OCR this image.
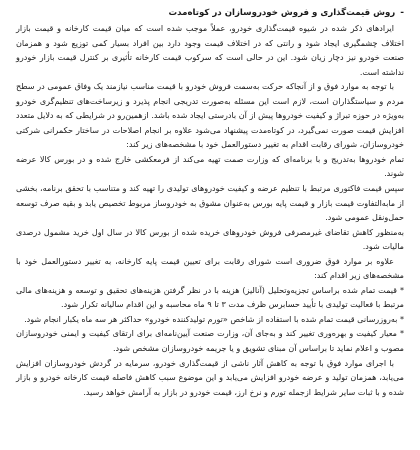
-
روش قیمت‌گذاری و فروش خودروسازان در کوتاه‌مدت

ایرادهای ذکر شده در شیوه قیمت‌گذاری خودرو، عملاً موجب شده است که میان قیمت کارخانه و قیمت بازار اختلاف چشمگیری ایجاد شود و رانتی که در اختلاف قیمت وجود دارد بین افراد بسیار کمی توزیع شود و همزمان صنعت خودرو نیز دچار زیان شود. این در حالی است که سرکوب قیمت کارخانه تأثیری بر کنترل قیمت بازار خودرو نداشته است.

با توجه به موارد فوق و از آنجاکه حرکت به‌سمت فروش خودرو با قیمت مناسب نیازمند یک وفاق عمومی در سطح مردم و سیاستگذاران است، لازم است این مسئله به‌صورت تدریجی انجام پذیرد و زیرساخت‌های تنظیم‌گری خودرو به‌ویژه در حوزه تبراژ و کیفیت خودروها پیش از آن بادرستی ایجاد شده باشد. ازهمین‌رو در شرایطی که به دلایل متعدد افزایش قیمت صورت نمی‌گیرد، در کوتاه‌مدت پیشنهاد می‌شود علاوه بر انجام اصلاحات در ساختار حکمرانی شرکتی خودروسازان، شورای رقابت اقدام به تغییر دستورالعمل خود با مشخصه‌های زیر کند:

تمام خودروها به‌تدریج و با برنامه‌ای که وزارت صمت تهیه می‌کند از فرمعکشی خارج شده و در بورس کالا عرضه شوند.

سپس قیمت فاکتوری مرتبط با تنظیم عرضه و کیفیت خودروهای تولیدی را تهیه کند و متناسب با تحقق برنامه، بخشی از مابه‌التفاوت قیمت بازار و قیمت پایه بورس به‌عنوان مشوق به خودروساز مربوط تخصیص یابد و بقیه صرف توسعه حمل‌ونقل عمومی شود.

به‌منظور کاهش تقاضای غیرمصرفی فروش خودروهای خریده شده از بورس کالا در سال اول خرید مشمول درصدی مالیات شود.

علاوه بر موارد فوق ضروری است شورای رقابت برای تعیین قیمت پایه کارخانه، به تغییر دستورالعمل خود با مشخصه‌های زیر اقدام کند:

* قیمت تمام شده براساس تجزیه‌وتحلیل (آنالیز) هزینه با در نظر گرفتن هزینه‌های تحقیق و توسعه و هزینه‌های مالی مرتبط با فعالیت تولیدی با تأیید حسابرس ظرف مدت ۳ تا ۹ ماه محاسبه و این اقدام سالیانه تکرار شود.

* به‌روزرسانی قیمت تمام شده با استفاده از شاخص «تورم تولیدکننده خودرو» حداکثر هر سه ماه یکبار انجام شود.

* معیار کیفیت و بهره‌وری تغییر کند و به‌جای آن، وزارت صنعت آیین‌نامه‌ای برای ارتقای کیفیت و ایمنی خودروسازان مصوب و اعلام نماید تا براساس آن مبنای تشویق و یا جریمه خودروسازان مشخص شود.

با اجرای موارد فوق با توجه به کاهش آثار ناشی از قیمت‌گذاری خودرو، سرمایه در گردش خودروسازان افزایش می‌یابد، همزمان تولید و عرضه خودرو افزایش می‌یابد و این موضوع سبب کاهش فاصله قیمت کارخانه خودرو و بازار شده و با ثبات سایر شرایط ازجمله تورم و نرخ ارز، قیمت خودرو در بازار به آرامش خواهد رسید.
